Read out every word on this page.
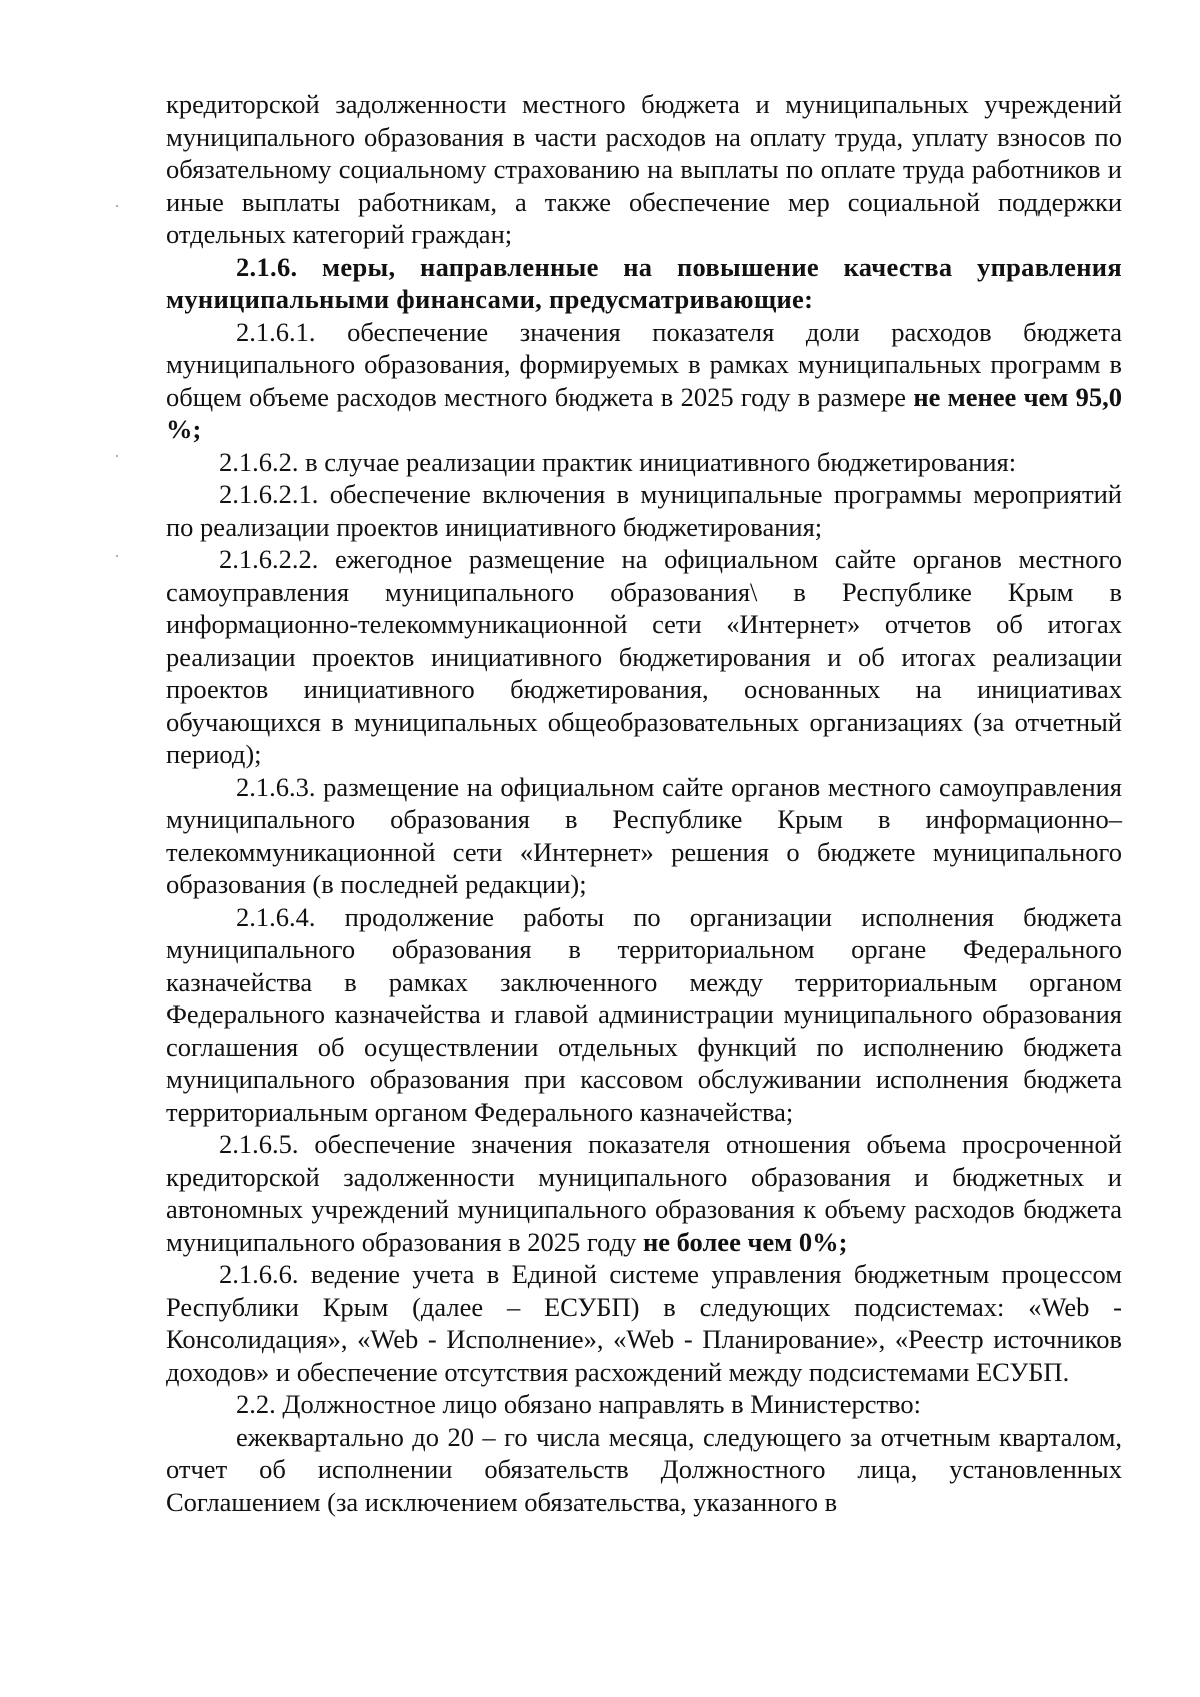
кредиторской задолженности местного бюджета и муниципальных учреждений муниципального образования в части расходов на оплату труда, уплату взносов по обязательному социальному страхованию на выплаты по оплате труда работников и иные выплаты работникам, а также обеспечение мер социальной поддержки отдельных категорий граждан;

2.1.6. меры, направленные на повышение качества управления муниципальными финансами, предусматривающие:

2.1.6.1. обеспечение значения показателя доли расходов бюджета муниципального образования, формируемых в рамках муниципальных программ в общем объеме расходов местного бюджета в 2025 году в размере не менее чем 95,0 %;

2.1.6.2. в случае реализации практик инициативного бюджетирования:

2.1.6.2.1. обеспечение включения в муниципальные программы мероприятий по реализации проектов инициативного бюджетирования;

2.1.6.2.2. ежегодное размещение на официальном сайте органов местного самоуправления муниципального образования\ в Республике Крым в информационно-телекоммуникационной сети «Интернет» отчетов об итогах реализации проектов инициативного бюджетирования и об итогах реализации проектов инициативного бюджетирования, основанных на инициативах обучающихся в муниципальных общеобразовательных организациях (за отчетный период);

2.1.6.3. размещение на официальном сайте органов местного самоуправления муниципального образования в Республике Крым в информационно–телекоммуникационной сети «Интернет» решения о бюджете муниципального образования (в последней редакции);

2.1.6.4. продолжение работы по организации исполнения бюджета муниципального образования в территориальном органе Федерального казначейства в рамках заключенного между территориальным органом Федерального казначейства и главой администрации муниципального образования соглашения об осуществлении отдельных функций по исполнению бюджета муниципального образования при кассовом обслуживании исполнения бюджета территориальным органом Федерального казначейства;

2.1.6.5. обеспечение значения показателя отношения объема просроченной кредиторской задолженности муниципального образования и бюджетных и автономных учреждений муниципального образования к объему расходов бюджета муниципального образования в 2025 году не более чем 0%;

2.1.6.6. ведение учета в Единой системе управления бюджетным процессом Республики Крым (далее – ЕСУБП) в следующих подсистемах: «Web - Консолидация», «Web - Исполнение», «Web - Планирование», «Реестр источников доходов» и обеспечение отсутствия расхождений между подсистемами ЕСУБП.

2.2. Должностное лицо обязано направлять в Министерство:

ежеквартально до 20 – го числа месяца, следующего за отчетным кварталом, отчет об исполнении обязательств Должностного лица, установленных Соглашением (за исключением обязательства, указанного в
